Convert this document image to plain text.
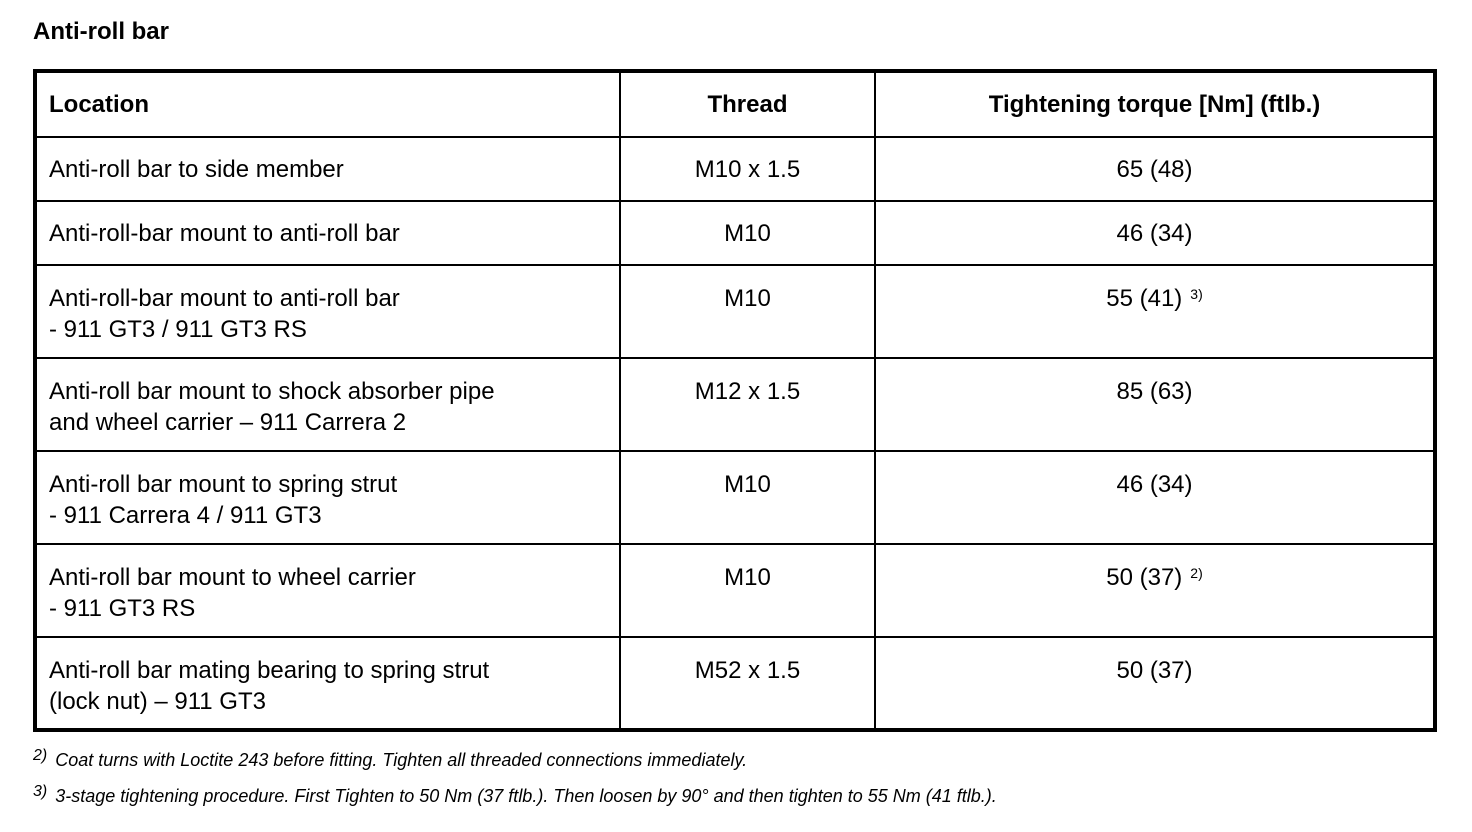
Anti-roll bar
Location	Thread	Tightening torque [Nm] (ftlb.)

Anti-roll bar to side member	M10 x 1.5	65 (48)

Anti-roll-bar mount to anti-roll bar	M10	46 (34)

Anti-roll-bar mount to anti-roll bar
- 911 GT3 / 911 GT3 RS	M10	55 (41) $^{3)}$

Anti-roll bar mount to shock absorber pipe
and wheel carrier – 911 Carrera 2	M12 x 1.5	85 (63)

Anti-roll bar mount to spring strut
- 911 Carrera 4 / 911 GT3	M10	46 (34)

Anti-roll bar mount to wheel carrier
- 911 GT3 RS	M10	50 (37) $^{2)}$

Anti-roll bar mating bearing to spring strut
(lock nut) – 911 GT3	M52 x 1.5	50 (37)
2) Coat turns with Loctite 243 before fitting. Tighten all threaded connections immediately.
3) 3-stage tightening procedure. First Tighten to 50 Nm (37 ftlb.). Then loosen by 90° and then tighten to 55 Nm (41 ftlb.).
